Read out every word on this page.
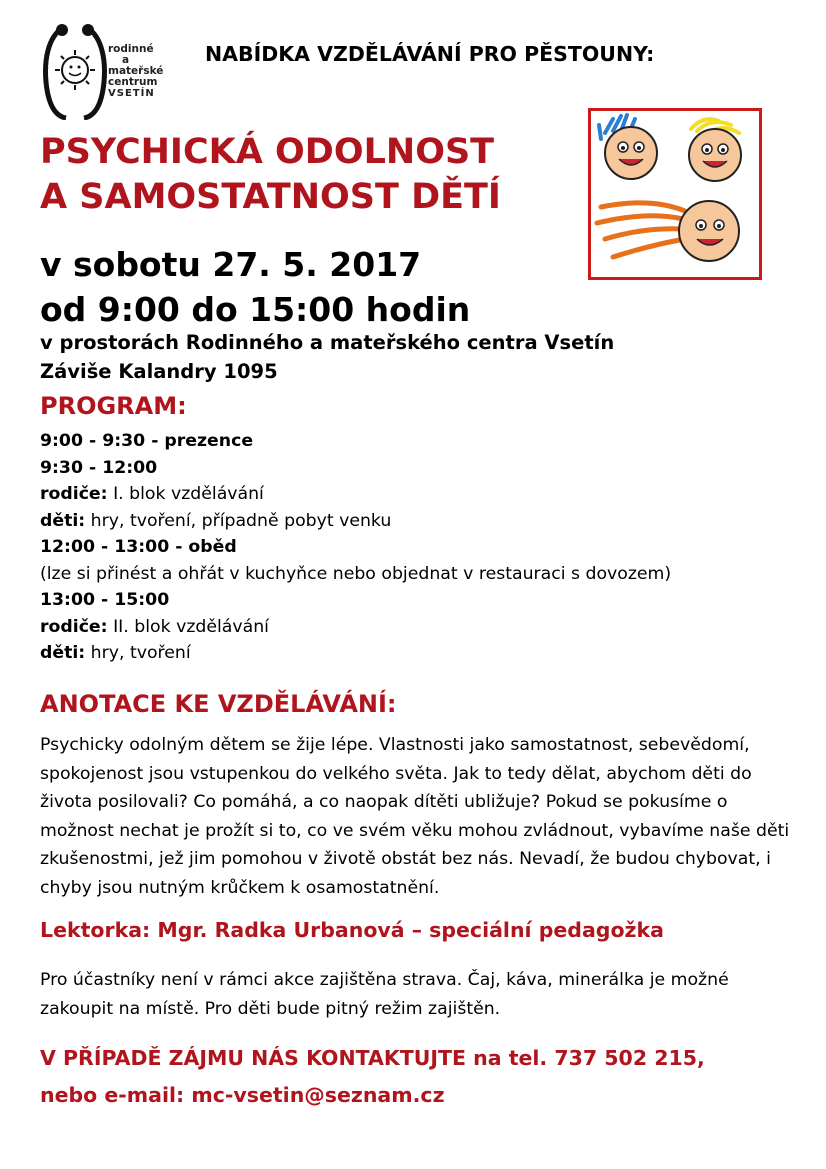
rodinné
a
mateřské
centrum
VSETÍN
NABÍDKA VZDĚLÁVÁNÍ PRO PĚSTOUNY:
PSYCHICKÁ ODOLNOST
A SAMOSTATNOST DĚTÍ
v sobotu 27. 5. 2017
od 9:00 do 15:00 hodin
v prostorách Rodinného a mateřského centra Vsetín
Záviše Kalandry 1095
PROGRAM:
9:00 - 9:30 - prezence
9:30 - 12:00
rodiče: I. blok vzdělávání
děti: hry, tvoření, případně pobyt venku
12:00 - 13:00 - oběd
(lze si přinést a ohřát v kuchyňce nebo objednat v restauraci s dovozem)
13:00 - 15:00
rodiče: II. blok vzdělávání
děti: hry, tvoření
ANOTACE KE VZDĚLÁVÁNÍ:
Psychicky odolným dětem se žije lépe. Vlastnosti jako samostatnost, sebevědomí, spokojenost jsou vstupenkou do velkého světa. Jak to tedy dělat, abychom děti do života posilovali? Co pomáhá, a co naopak dítěti ubližuje? Pokud se pokusíme o možnost nechat je prožít si to, co ve svém věku mohou zvládnout, vybavíme naše děti zkušenostmi, jež jim pomohou v životě obstát bez nás. Nevadí, že budou chybovat, i chyby jsou nutným krůčkem k osamostatnění.
Lektorka: Mgr. Radka Urbanová – speciální pedagožka
Pro účastníky není v rámci akce zajištěna strava. Čaj, káva, minerálka je možné zakoupit na místě. Pro děti bude pitný režim zajištěn.
V PŘÍPADĚ ZÁJMU NÁS KONTAKTUJTE na tel. 737 502 215,
nebo e-mail: mc-vsetin@seznam.cz
